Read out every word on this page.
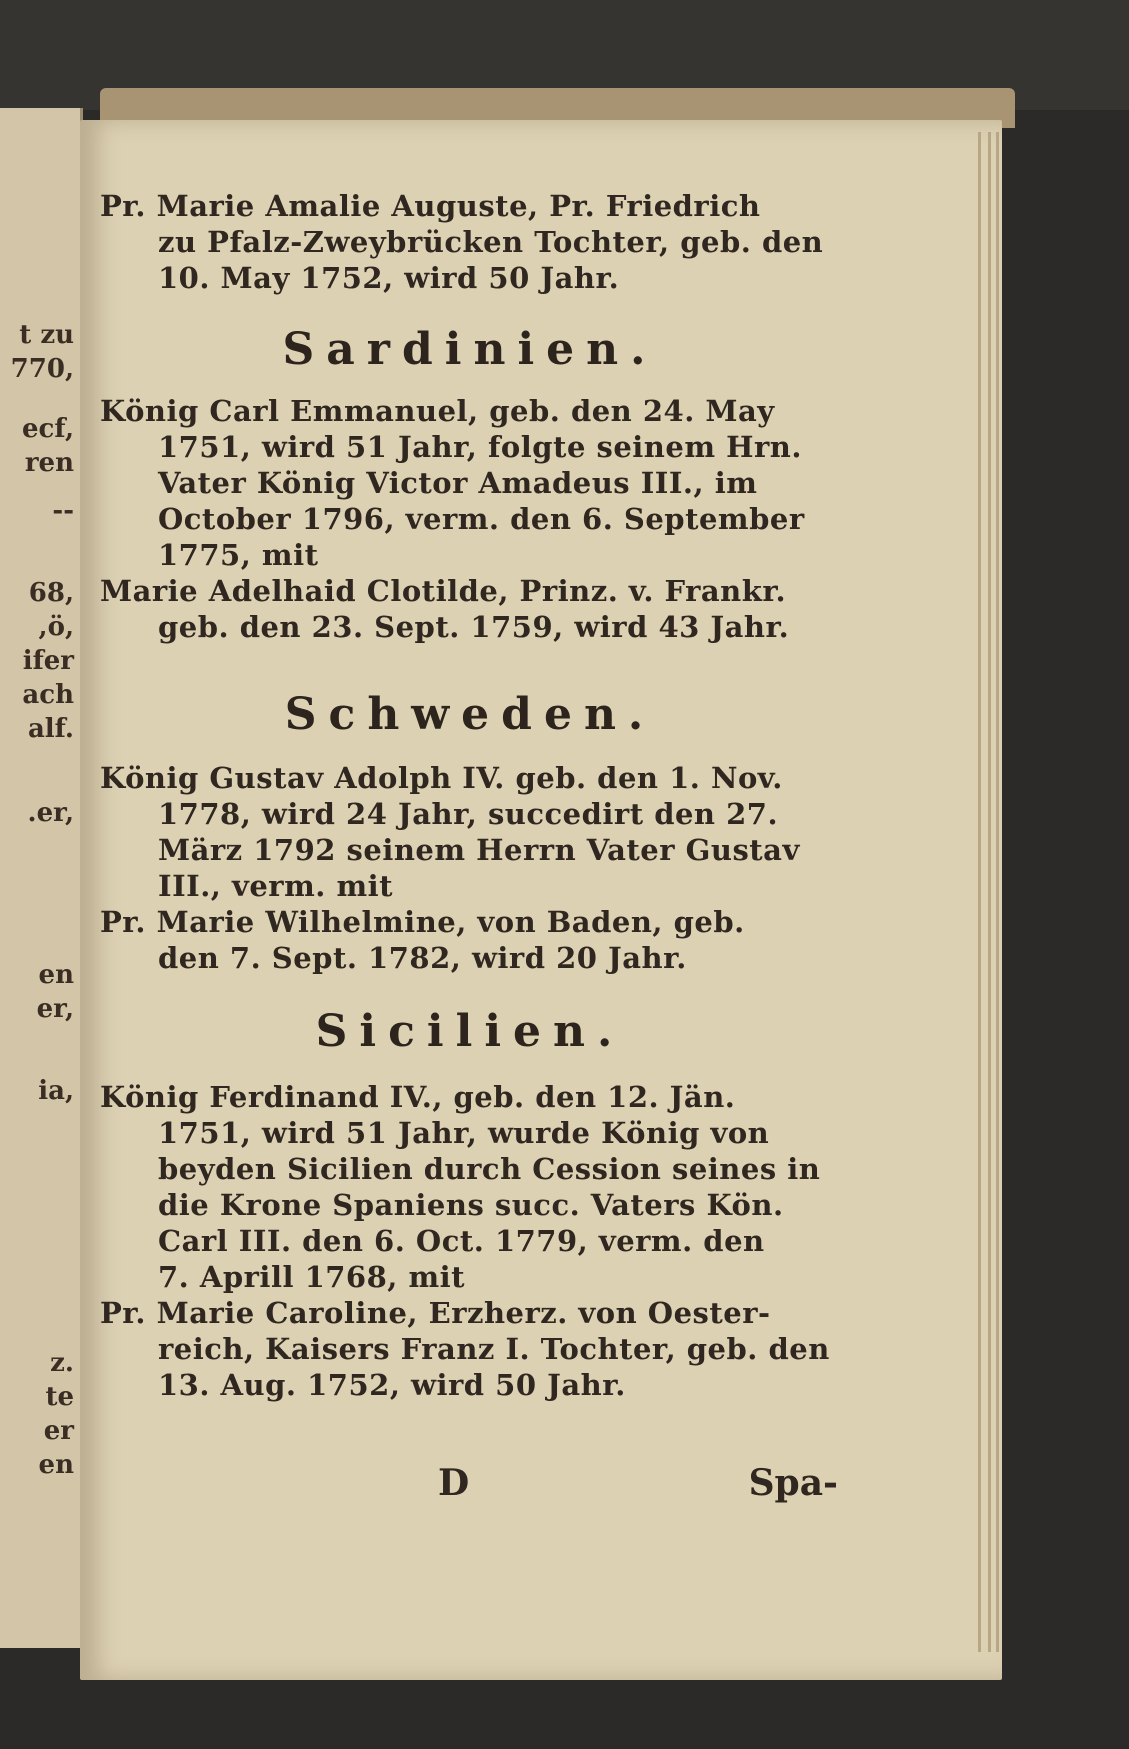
t zu
770,
ecf,
ren
--
68,
,ö,
ifer
ach
alf.
.er,
en
er,
ia,
z.
te
er
en

Pr. Marie Amalie Auguste, Pr. Friedrich
zu Pfalz-Zweybrücken Tochter, geb. den
10. May 1752, wird 50 Jahr.

Sardinien.

König Carl Emmanuel, geb. den 24. May
1751, wird 51 Jahr, folgte seinem Hrn.
Vater König Victor Amadeus III., im
October 1796, verm. den 6. September
1775, mit

Marie Adelhaid Clotilde, Prinz. v. Frankr.
geb. den 23. Sept. 1759, wird 43 Jahr.

Schweden.

König Gustav Adolph IV. geb. den 1. Nov.
1778, wird 24 Jahr, succedirt den 27.
März 1792 seinem Herrn Vater Gustav
III., verm. mit

Pr. Marie Wilhelmine, von Baden, geb.
den 7. Sept. 1782, wird 20 Jahr.

Sicilien.

König Ferdinand IV., geb. den 12. Jän.
1751, wird 51 Jahr, wurde König von
beyden Sicilien durch Cession seines in
die Krone Spaniens succ. Vaters Kön.
Carl III. den 6. Oct. 1779, verm. den
7. Aprill 1768, mit

Pr. Marie Caroline, Erzherz. von Oester-
reich, Kaisers Franz I. Tochter, geb. den
13. Aug. 1752, wird 50 Jahr.

D	Spa-
